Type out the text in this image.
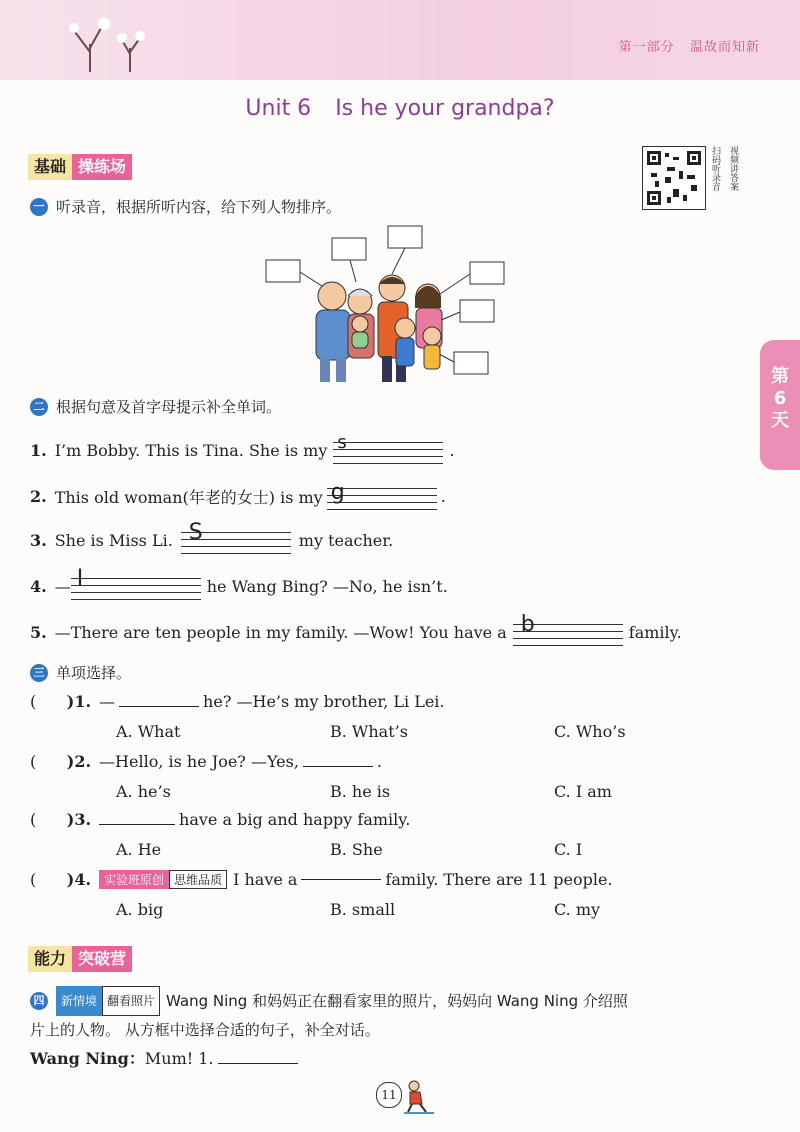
第一部分 温故而知新
Unit 6 Is he your grandpa?
基础 操练场	扫码听录音 视频讲答案
第
6
天
一 听录音，根据所听内容，给下列人物排序。
二 根据句意及首字母提示补全单词。
1. I’m Bobby. This is Tina. She is my s	.
2. This old woman(年老的女士) is my g	.
3. She is Miss Li. S	my teacher.
4. — I	he Wang Bing? —No, he isn’t.
5. —There are ten people in my family. —Wow! You have a b	family.
三 单项选择。
(      )1. —	he? —He’s my brother, Li Lei.
A. What	B. What’s	C. Who’s
(      )2. —Hello, is he Joe? —Yes,	.
A. he’s	B. he is	C. I am
(      )3.	have a big and happy family.
A. He	B. She	C. I
( )4.	实验班原创 思维品质 I have a	family. There are 11 people.
A. big	B. small	C. my
能力 突破营
四	新情境 翻看照片 Wang Ning 和妈妈正在翻看家里的照片，妈妈向 Wang Ning 介绍照
片上的人物。 从方框中选择合适的句子，补全对话。
Wang Ning：Mum! 1.
11
